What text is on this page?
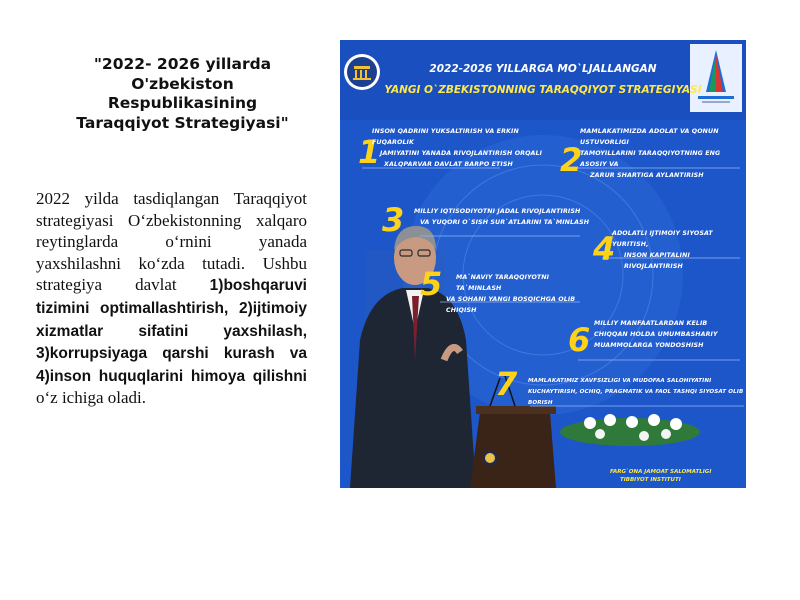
"2022- 2026 yillarda
O'zbekiston
Respublikasining
Taraqqiyot Strategiyasi"
2022 yilda tasdiqlangan Taraqqiyot strategiyasi O‘zbekistonning xalqaro reytinglarda o‘rnini yanada yaxshilashni ko‘zda tutadi. Ushbu strategiya davlat 1)boshqaruvi tizimini optimallashtirish, 2)ijtimoiy xizmatlar sifatini yaxshilash, 3)korrupsiyaga qarshi kurash va 4)inson huquqlarini himoya qilishni o‘z ichiga oladi.
2022-2026 YILLARGA MO`LJALLANGAN
YANGI O`ZBEKISTONNING TARAQQIYOT STRATEGIYASI
1
INSON QADRINI YUKSALTIRISH VA ERKIN FUQAROLIK
JAMIYATINI YANADA RIVOJLANTIRISH ORQALI
XALQPARVAR DAVLAT BARPO ETISH	2
MAMLAKATIMIZDA ADOLAT VA QONUN USTUVORLIGI
TAMOYILLARINI TARAQQIYOTNING ENG ASOSIY VA
ZARUR SHARTIGA AYLANTIRISH
3 MILLIY IQTISODIYOTNI JADAL RIVOJLANTIRISH
VA YUQORI O`SISH SUR`ATLARINI TA`MINLASH
4
ADOLATLI IJTIMOIY SIYOSAT YURITISH,
INSON KAPITALINI RIVOJLANTIRISH
5 MA`NAVIY TARAQQIYOTNI TA`MINLASH
VA SOHANI YANGI BOSQICHGA OLIB CHIQISH
6 MILLIY MANFAATLARDAN KELIB
CHIQQAN HOLDA UMUMBASHARIY
MUAMMOLARGA YONDOSHISH
7 MAMLAKATIMIZ XAVFSIZLIGI VA MUDOFAA SALOHIYATINI
KUCHAYTIRISH, OCHIQ, PRAGMATIK VA FAOL TASHQI SIYOSAT OLIB BORISH
FARG`ONA JAMOAT SALOMATLIGI
TIBBIYOT INSTITUTI
